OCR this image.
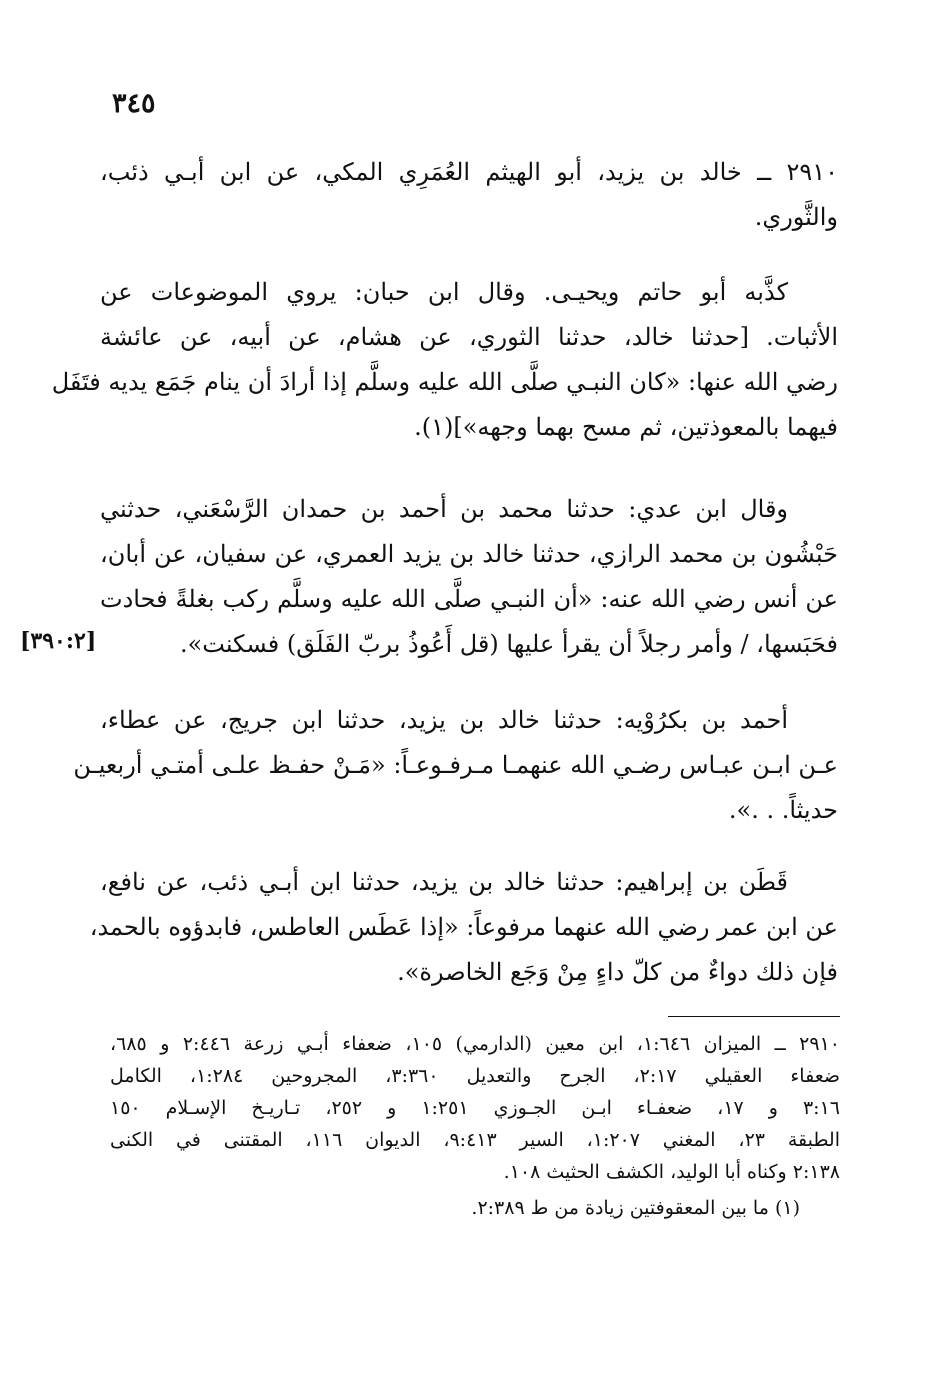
٣٤٥
[٣٩٠:٢]
٢٩١٠ ــ خالد بن يزيد، أبو الهيثم العُمَرِي المكي، عن ابن أبـي ذئب،
والثَّوري.
كذَّبه أبو حاتم ويحيـى. وقال ابن حبان: يروي الموضوعات عن
الأثبات. [حدثنا خالد، حدثنا الثوري، عن هشام، عن أبيه، عن عائشة
رضي الله عنها: «كان النبـي صلَّى الله عليه وسلَّم إذا أرادَ أن ينام جَمَع يديه فتَفَل
فيهما بالمعوذتين، ثم مسح بهما وجهه»](١).
وقال ابن عدي: حدثنا محمد بن أحمد بن حمدان الرَّسْعَني، حدثني
حَبْشُون بن محمد الرازي، حدثنا خالد بن يزيد العمري، عن سفيان، عن أبان،
عن أنس رضي الله عنه: «أن النبـي صلَّى الله عليه وسلَّم ركب بغلةً فحادت
فحَبَسها، / وأمر رجلاً أن يقرأ عليها (قل أَعُوذُ بربّ الفَلَق) فسكنت».
أحمد بن بكرُوْيه: حدثنا خالد بن يزيد، حدثنا ابن جريج، عن عطاء،
عـن ابـن عبـاس رضـي الله عنهمـا مـرفـوعـاً: «مَـنْ حفـظ علـى أمتـي أربعيـن
حديثاً. . .».
قَطَن بن إبراهيم: حدثنا خالد بن يزيد، حدثنا ابن أبـي ذئب، عن نافع،
عن ابن عمر رضي الله عنهما مرفوعاً: «إذا عَطَس العاطس، فابدؤوه بالحمد،
فإن ذلك دواءٌ من كلّ داءٍ مِنْ وَجَع الخاصرة».
٢٩١٠ ــ الميزان ١:٦٤٦، ابن معين (الدارمي) ١٠٥، ضعفاء أبـي زرعة ٢:٤٤٦ و ٦٨٥،
ضعفاء العقيلي ٢:١٧، الجرح والتعديل ٣:٣٦٠، المجروحين ١:٢٨٤، الكامل
٣:١٦ و ١٧، ضعفـاء ابـن الجـوزي ١:٢٥١ و ٢٥٢، تـاريـخ الإسـلام ١٥٠
الطبقة ٢٣، المغني ١:٢٠٧، السير ٩:٤١٣، الديوان ١١٦، المقتنى في الكنى
٢:١٣٨ وكناه أبا الوليد، الكشف الحثيث ١٠٨.
(١) ما بين المعقوفتين زيادة من ط ٢:٣٨٩.
